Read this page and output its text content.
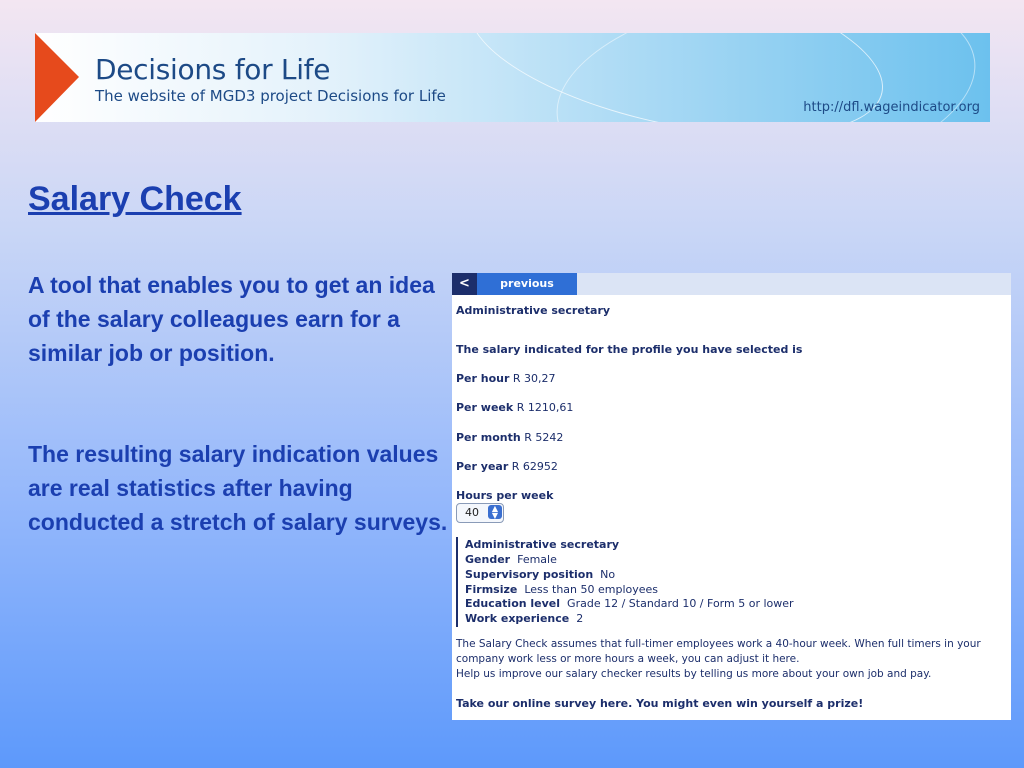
Decisions for Life
The website of MGD3 project Decisions for Life
http://dfl.wageindicator.org
Salary Check

A tool that enables you to get an idea of the salary colleagues earn for a similar job or position.

The resulting salary indication values are real statistics after having conducted a stretch of salary surveys.

<	previous
Administrative secretary
The salary indicated for the profile you have selected is
Per hour R 30,27
Per week R 1210,61
Per month R 5242
Per year R 62952
Hours per week
40	▲
▼
Administrative secretary
Gender Female
Supervisory position No
Firmsize Less than 50 employees
Education level Grade 12 / Standard 10 / Form 5 or lower
Work experience 2
The Salary Check assumes that full-timer employees work a 40-hour week. When full timers in your
company work less or more hours a week, you can adjust it here.
Help us improve our salary checker results by telling us more about your own job and pay.
Take our online survey here. You might even win yourself a prize!
